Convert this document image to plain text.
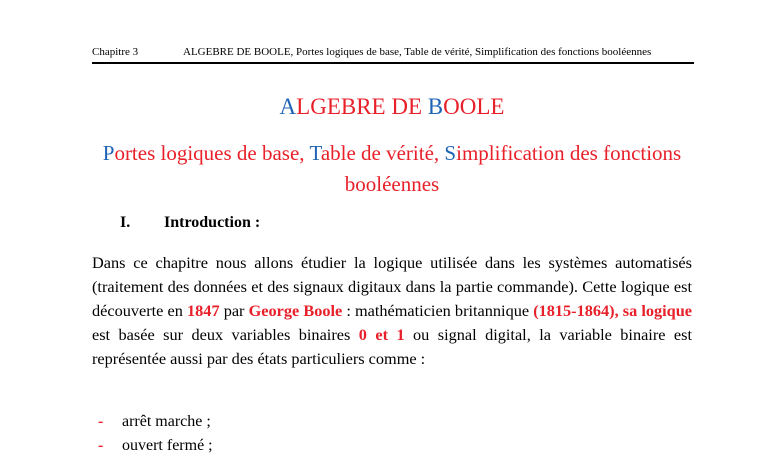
Chapitre 3	ALGEBRE DE BOOLE, Portes logiques de base, Table de vérité, Simplification des fonctions booléennes
ALGEBRE DE BOOLE
Portes logiques de base, Table de vérité, Simplification des fonctions booléennes
I. Introduction :
Dans ce chapitre nous allons étudier la logique utilisée dans les systèmes automatisés (traitement des données et des signaux digitaux dans la partie commande). Cette logique est découverte en 1847 par George Boole : mathématicien britannique (1815-1864), sa logique est basée sur deux variables binaires 0 et 1 ou signal digital, la variable binaire est représentée aussi par des états particuliers comme :
- arrêt marche ;
- ouvert fermé ;
